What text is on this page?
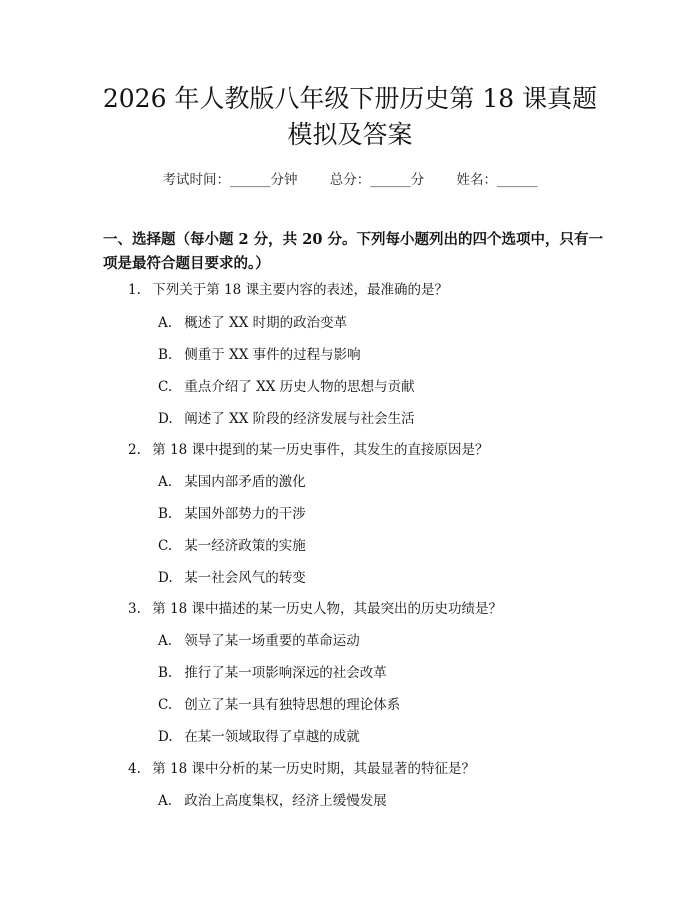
2026 年人教版八年级下册历史第 18 课真题
模拟及答案
考试时间：______分钟 总分：______分 姓名：______
一、选择题（每小题 2 分，共 20 分。下列每小题列出的四个选项中，只有一项是最符合题目要求的。）
1. 下列关于第 18 课主要内容的表述，最准确的是？
A. 概述了 XX 时期的政治变革
B. 侧重于 XX 事件的过程与影响
C. 重点介绍了 XX 历史人物的思想与贡献
D. 阐述了 XX 阶段的经济发展与社会生活
2. 第 18 课中提到的某一历史事件，其发生的直接原因是？
A. 某国内部矛盾的激化
B. 某国外部势力的干涉
C. 某一经济政策的实施
D. 某一社会风气的转变
3. 第 18 课中描述的某一历史人物，其最突出的历史功绩是？
A. 领导了某一场重要的革命运动
B. 推行了某一项影响深远的社会改革
C. 创立了某一具有独特思想的理论体系
D. 在某一领域取得了卓越的成就
4. 第 18 课中分析的某一历史时期，其最显著的特征是？
A. 政治上高度集权，经济上缓慢发展
